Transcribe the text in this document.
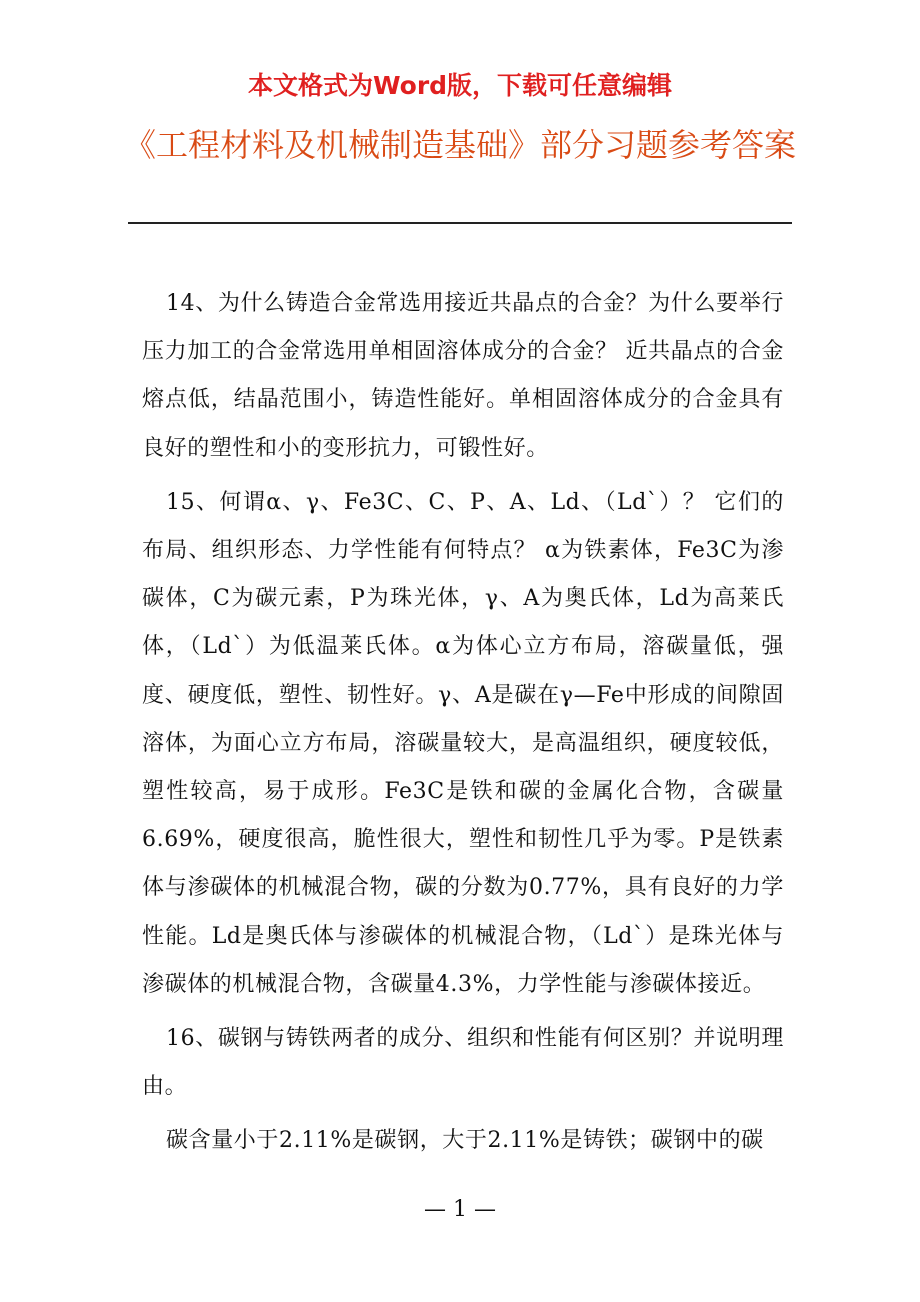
本文格式为Word版，下载可任意编辑
《工程材料及机械制造基础》部分习题参考答案

14、为什么铸造合金常选用接近共晶点的合金？为什么要举行压力加工的合金常选用单相固溶体成分的合金？ 近共晶点的合金熔点低，结晶范围小，铸造性能好。单相固溶体成分的合金具有良好的塑性和小的变形抗力，可锻性好。

15、何谓α、γ、Fe3C、C、P、A、Ld、（Ld`）？ 它们的布局、组织形态、力学性能有何特点？ α为铁素体，Fe3C为渗碳体，C为碳元素，P为珠光体，γ、A为奥氏体，Ld为高莱氏体，（Ld`）为低温莱氏体。α为体心立方布局，溶碳量低，强度、硬度低，塑性、韧性好。γ、A是碳在γ—Fe中形成的间隙固溶体，为面心立方布局，溶碳量较大，是高温组织，硬度较低，塑性较高，易于成形。Fe3C是铁和碳的金属化合物，含碳量6.69%，硬度很高，脆性很大，塑性和韧性几乎为零。P是铁素体与渗碳体的机械混合物，碳的分数为0.77%，具有良好的力学性能。Ld是奥氏体与渗碳体的机械混合物，（Ld`）是珠光体与渗碳体的机械混合物，含碳量4.3%，力学性能与渗碳体接近。

16、碳钢与铸铁两者的成分、组织和性能有何区别？并说明理由。

碳含量小于2.11%是碳钢，大于2.11%是铸铁；碳钢中的碳

— 1 —
